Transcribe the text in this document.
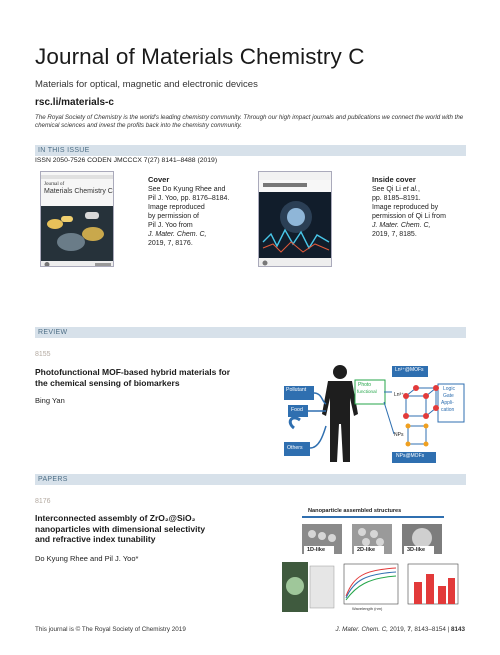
Journal of Materials Chemistry C
Materials for optical, magnetic and electronic devices
rsc.li/materials-c
The Royal Society of Chemistry is the world's leading chemistry community. Through our high impact journals and publications we connect the world with the chemical sciences and invest the profits back into the chemistry community.
IN THIS ISSUE
ISSN 2050-7526 CODEN JMCCCX 7(27) 8141–8488 (2019)
Journal of
Materials Chemistry C
Cover
See Do Kyung Rhee and
Pil J. Yoo, pp. 8176–8184.
Image reproduced
by permission of
Pil J. Yoo from
J. Mater. Chem. C,
2019, 7, 8176.
Inside cover
See Qi Li et al.,
pp. 8185–8191.
Image reproduced by
permission of Qi Li from
J. Mater. Chem. C,
2019, 7, 8185.
REVIEW
8155
Photofunctional MOF-based hybrid materials for
the chemical sensing of biomarkers
Bing Yan
Pollutant
Food
Others
Photo
functional
Ln³⁺@MOFs
Ln³⁺
Logic
Gate
Appli-
cation
NPs
NPs@MOFs
PAPERS
8176
Interconnected assembly of ZrO₂@SiO₂
nanoparticles with dimensional selectivity
and refractive index tunability
Do Kyung Rhee and Pil J. Yoo*
Nanoparticle assembled structures
1D-like	2D-like	3D-like
Wavelength (nm)
This journal is © The Royal Society of Chemistry 2019	J. Mater. Chem. C, 2019, 7, 8143–8154 | 8143
